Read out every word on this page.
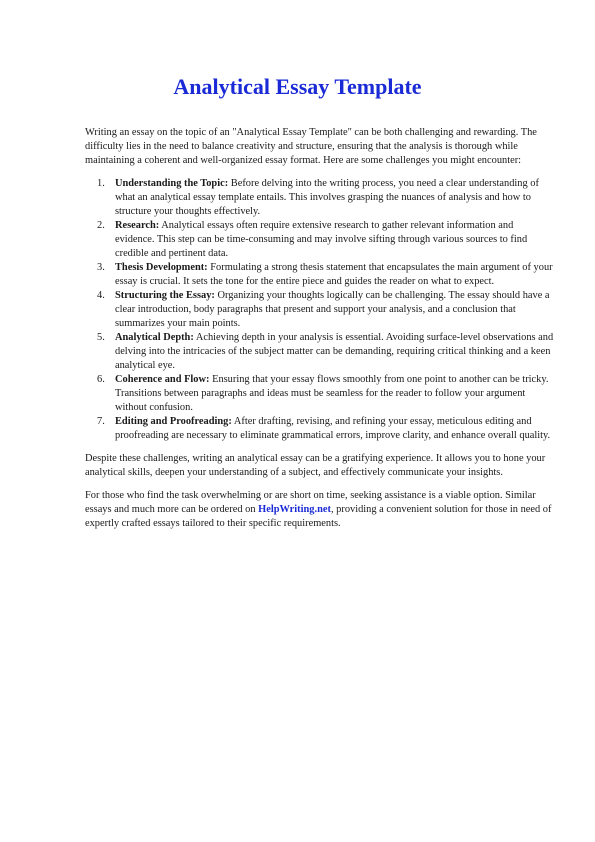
Analytical Essay Template

Writing an essay on the topic of an "Analytical Essay Template" can be both challenging and rewarding. The difficulty lies in the need to balance creativity and structure, ensuring that the analysis is thorough while maintaining a coherent and well-organized essay format. Here are some challenges you might encounter:

1. Understanding the Topic: Before delving into the writing process, you need a clear understanding of what an analytical essay template entails. This involves grasping the nuances of analysis and how to structure your thoughts effectively.
2. Research: Analytical essays often require extensive research to gather relevant information and evidence. This step can be time-consuming and may involve sifting through various sources to find credible and pertinent data.
3. Thesis Development: Formulating a strong thesis statement that encapsulates the main argument of your essay is crucial. It sets the tone for the entire piece and guides the reader on what to expect.
4. Structuring the Essay: Organizing your thoughts logically can be challenging. The essay should have a clear introduction, body paragraphs that present and support your analysis, and a conclusion that summarizes your main points.
5. Analytical Depth: Achieving depth in your analysis is essential. Avoiding surface-level observations and delving into the intricacies of the subject matter can be demanding, requiring critical thinking and a keen analytical eye.
6. Coherence and Flow: Ensuring that your essay flows smoothly from one point to another can be tricky. Transitions between paragraphs and ideas must be seamless for the reader to follow your argument without confusion.
7. Editing and Proofreading: After drafting, revising, and refining your essay, meticulous editing and proofreading are necessary to eliminate grammatical errors, improve clarity, and enhance overall quality.

Despite these challenges, writing an analytical essay can be a gratifying experience. It allows you to hone your analytical skills, deepen your understanding of a subject, and effectively communicate your insights.

For those who find the task overwhelming or are short on time, seeking assistance is a viable option. Similar essays and much more can be ordered on HelpWriting.net, providing a convenient solution for those in need of expertly crafted essays tailored to their specific requirements.
